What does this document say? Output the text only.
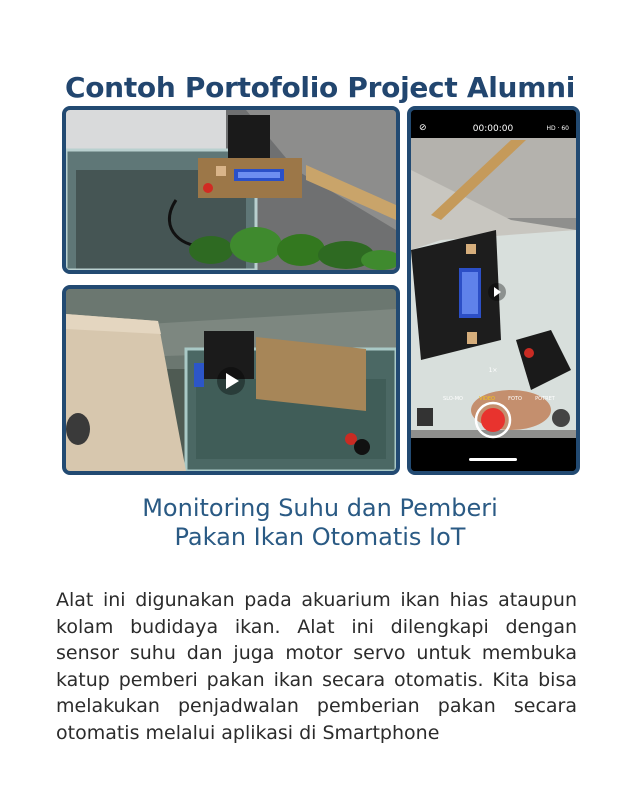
Contoh Portofolio Project Alumni
⊘	00:00:00	HD · 60
1×
SLO-MO	VIDEO	FOTO	POTRET
Monitoring Suhu dan Pemberi
Pakan Ikan Otomatis IoT

Alat ini digunakan pada akuarium ikan hias ataupun kolam budidaya ikan. Alat ini dilengkapi dengan sensor suhu dan juga motor servo untuk membuka katup pemberi pakan ikan secara otomatis. Kita bisa melakukan penjadwalan pemberian pakan secara otomatis melalui aplikasi di Smartphone
